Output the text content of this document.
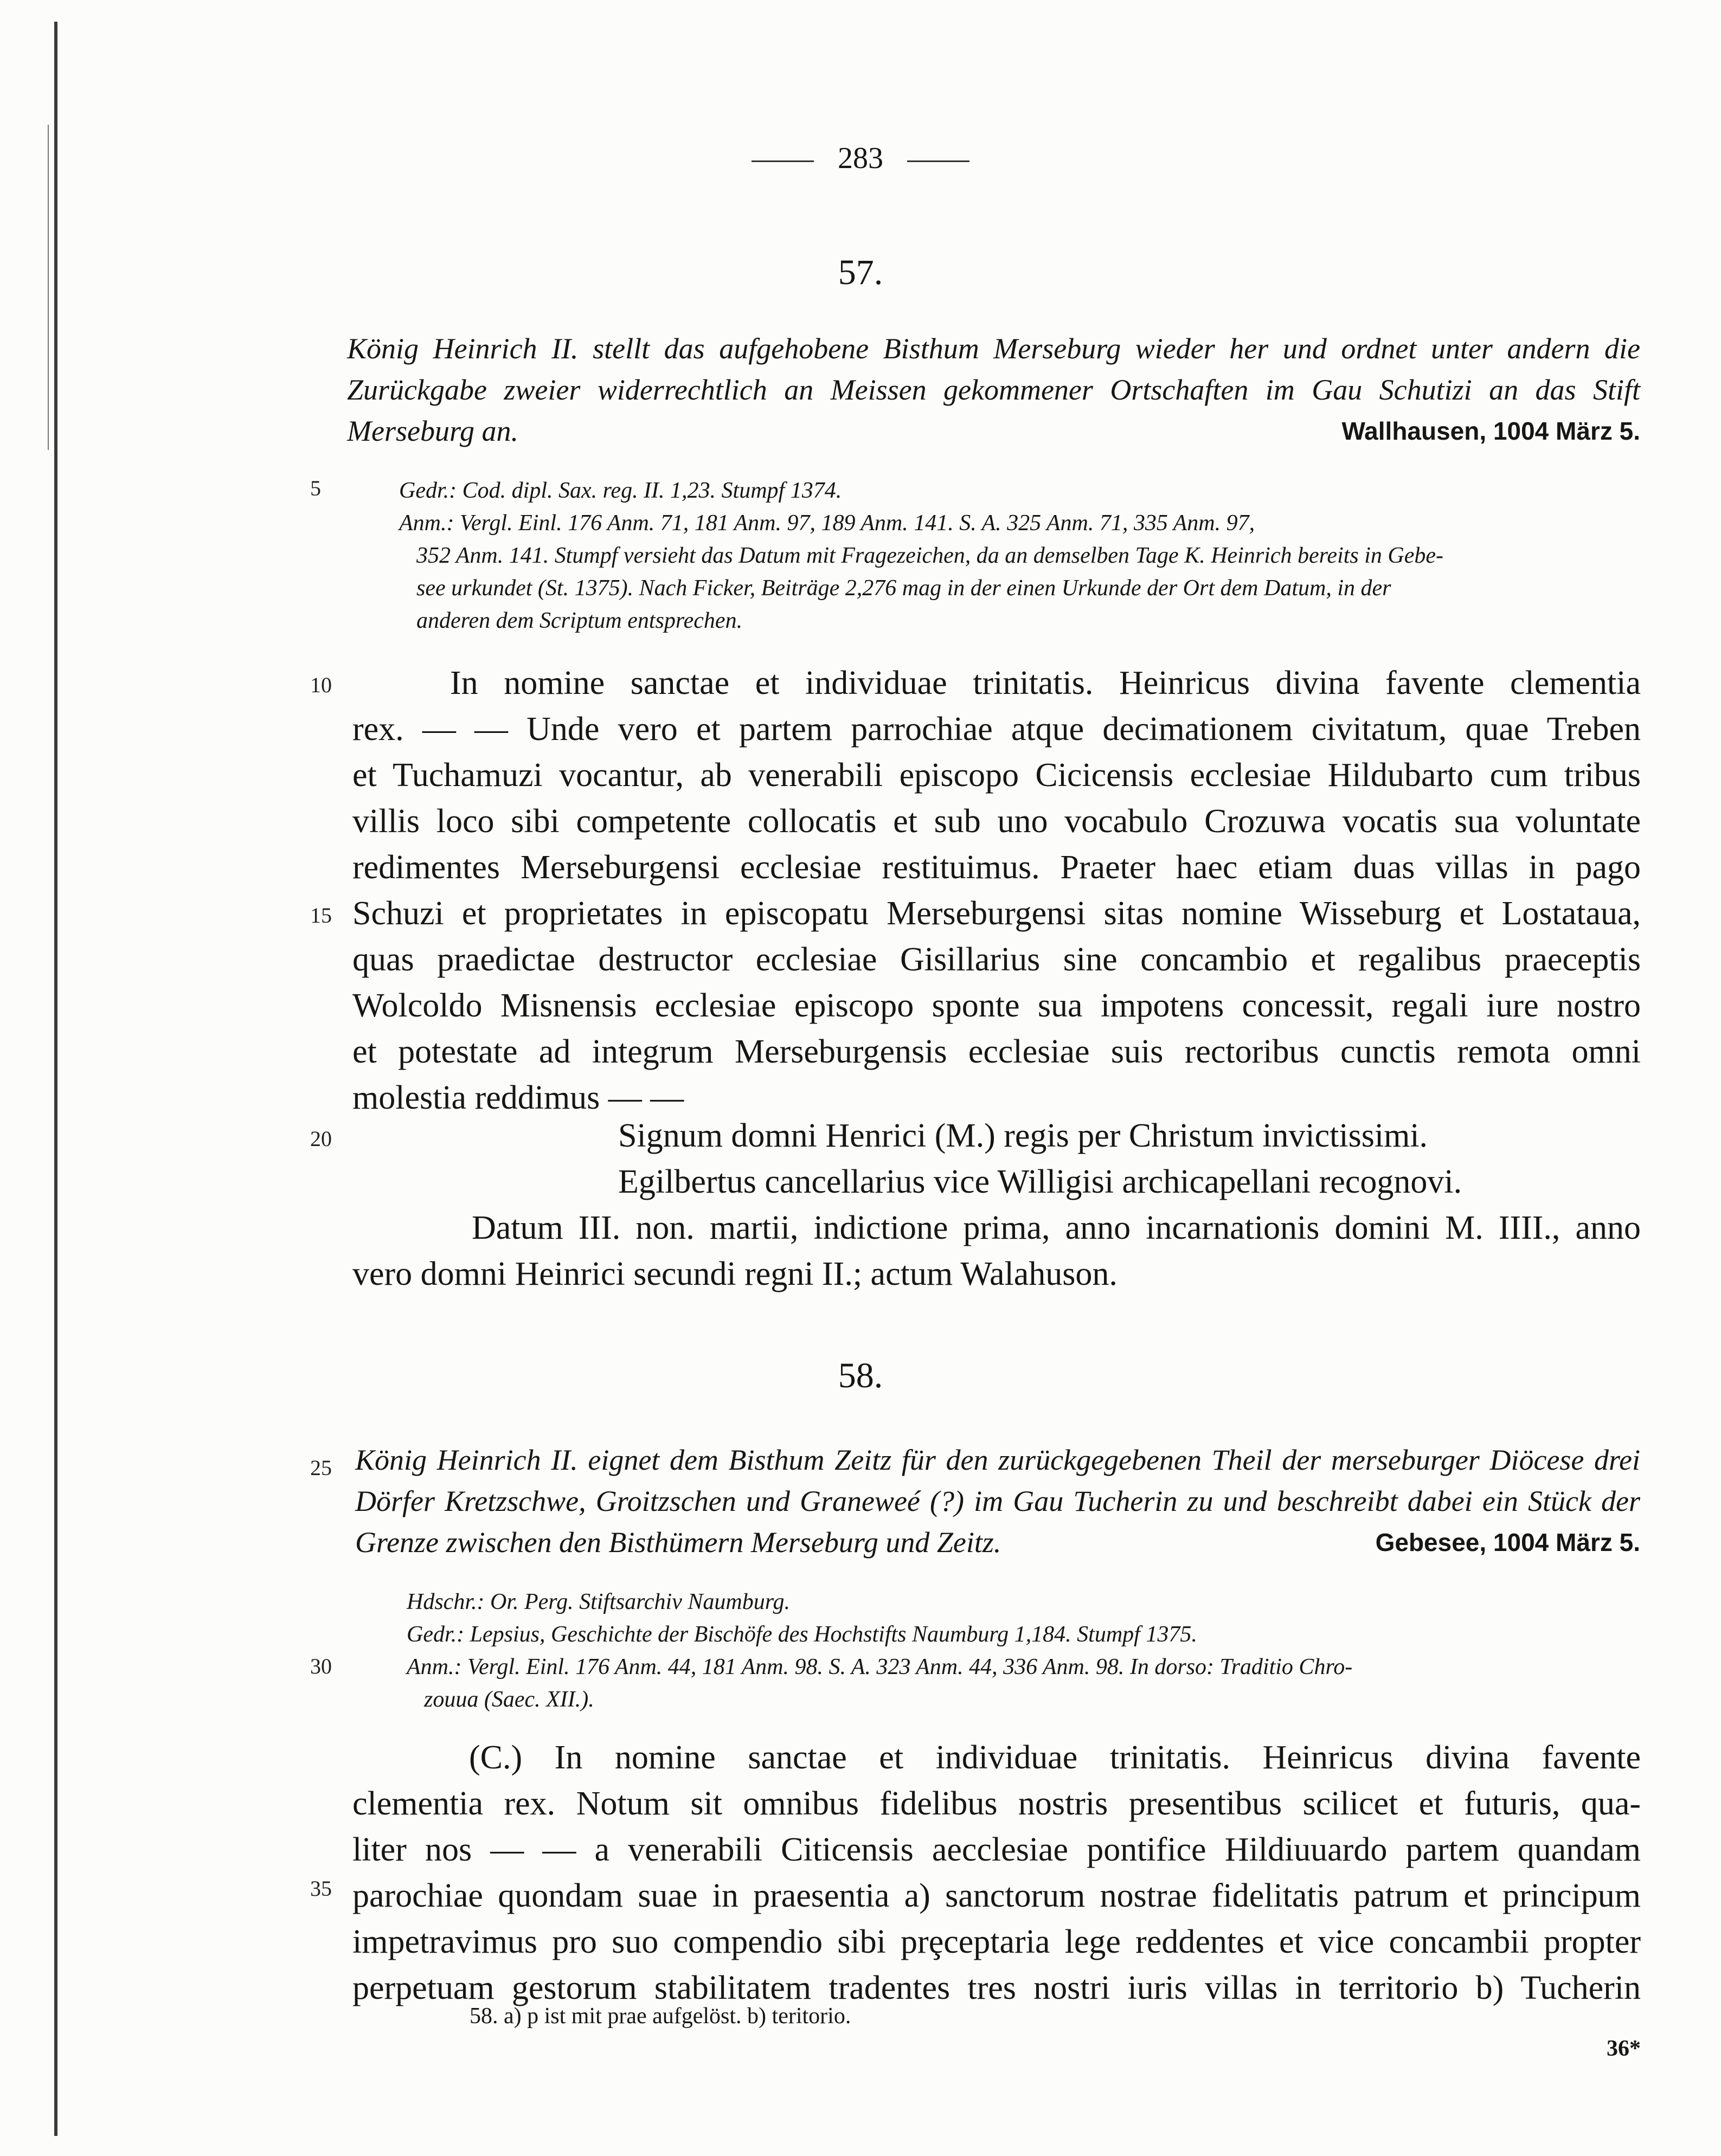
283
57.
König Heinrich II. stellt das aufgehobene Bisthum Merseburg wieder her und ordnet unter andern die Zurückgabe zweier widerrechtlich an Meissen gekommener Ortschaften im Gau Schutizi an das Stift Merseburg an.	Wallhausen, 1004 März 5.
5	Gedr.: Cod. dipl. Sax. reg. II. 1,23. Stumpf 1374.
Anm.: Vergl. Einl. 176 Anm. 71, 181 Anm. 97, 189 Anm. 141. S. A. 325 Anm. 71, 335 Anm. 97,
352 Anm. 141. Stumpf versieht das Datum mit Fragezeichen, da an demselben Tage K. Heinrich bereits in Gebe-
see urkundet (St. 1375). Nach Ficker, Beiträge 2,276 mag in der einen Urkunde der Ort dem Datum, in der
anderen dem Scriptum entsprechen.
10
15
In nomine sanctae et individuae trinitatis. Heinricus divina favente clementia
rex. — — Unde vero et partem parrochiae atque decimationem civitatum, quae Treben
et Tuchamuzi vocantur, ab venerabili episcopo Cicicensis ecclesiae Hildubarto cum tribus
villis loco sibi competente collocatis et sub uno vocabulo Crozuwa vocatis sua voluntate
redimentes Merseburgensi ecclesiae restituimus. Praeter haec etiam duas villas in pago
Schuzi et proprietates in episcopatu Merseburgensi sitas nomine Wisseburg et Lostataua,
quas praedictae destructor ecclesiae Gisillarius sine concambio et regalibus praeceptis
Wolcoldo Misnensis ecclesiae episcopo sponte sua impotens concessit, regali iure nostro
et potestate ad integrum Merseburgensis ecclesiae suis rectoribus cunctis remota omni
molestia reddimus — —
20	Signum domni Henrici (M.) regis per Christum invictissimi.
Egilbertus cancellarius vice Willigisi archicapellani recognovi.
Datum III. non. martii, indictione prima, anno incarnationis domini M. IIII., anno
vero domni Heinrici secundi regni II.; actum Walahuson.
58.
25 König Heinrich II. eignet dem Bisthum Zeitz für den zurückgegebenen Theil der merseburger Diöcese drei Dörfer Kretzschwe, Groitzschen und Graneweé (?) im Gau Tucherin zu und beschreibt dabei ein Stück der Grenze zwischen den Bisthümern Merseburg und Zeitz.	Gebesee, 1004 März 5.
30
Hdschr.: Or. Perg. Stiftsarchiv Naumburg.
Gedr.: Lepsius, Geschichte der Bischöfe des Hochstifts Naumburg 1,184. Stumpf 1375.
Anm.: Vergl. Einl. 176 Anm. 44, 181 Anm. 98. S. A. 323 Anm. 44, 336 Anm. 98. In dorso: Traditio Chro-
zouua (Saec. XII.).
35
(C.) In nomine sanctae et individuae trinitatis. Heinricus divina favente
clementia rex. Notum sit omnibus fidelibus nostris presentibus scilicet et futuris, qua-
liter nos — — a venerabili Citicensis aecclesiae pontifice Hildiuuardo partem quandam
parochiae quondam suae in praesentia a) sanctorum nostrae fidelitatis patrum et principum
impetravimus pro suo compendio sibi prȩceptaria lege reddentes et vice concambii propter
perpetuam gestorum stabilitatem tradentes tres nostri iuris villas in territorio b) Tucherin
58. a) p ist mit prae aufgelöst. b) teritorio.
36*
